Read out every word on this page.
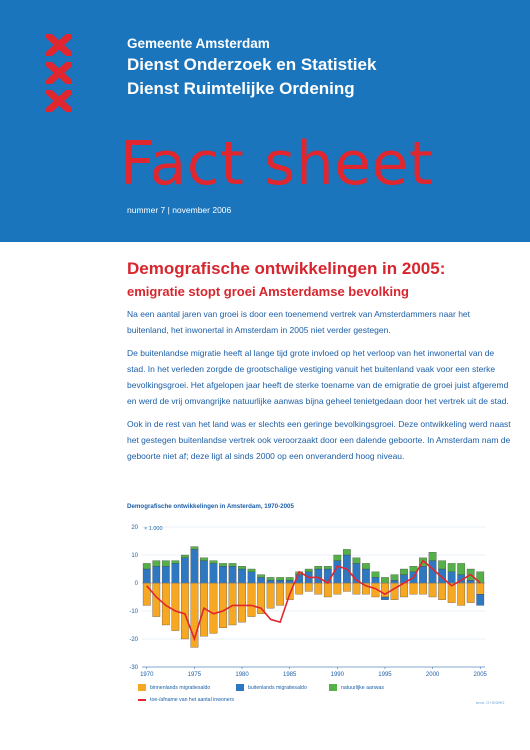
Gemeente Amsterdam
Dienst Onderzoek en Statistiek
Dienst Ruimtelijke Ordening
Fact sheet
nummer 7 | november 2006
Demografische ontwikkelingen in 2005:
emigratie stopt groei Amsterdamse bevolking

Na een aantal jaren van groei is door een toenemend vertrek van Amsterdammers naar het buitenland, het inwonertal in Amsterdam in 2005 niet verder gestegen.

De buitenlandse migratie heeft al lange tijd grote invloed op het verloop van het inwonertal van de stad. In het verleden zorgde de grootschalige vestiging vanuit het buitenland vaak voor een sterke bevolkingsgroei. Het afgelopen jaar heeft de sterke toename van de emigratie de groei juist afgeremd en werd de vrij omvangrijke natuurlijke aanwas bijna geheel tenietgedaan door het vertrek uit de stad.

Ook in de rest van het land was er slechts een geringe bevolkingsgroei. Deze ontwikkeling werd naast het gestegen buitenlandse vertrek ook veroorzaakt door een dalende geboorte. In Amsterdam nam de geboorte niet af; deze ligt al sinds 2000 op een onveranderd hoog niveau.

Demografische ontwikkelingen in Amsterdam, 1970-2005
20
10
0
-10
-20
-30
× 1.000
1970	1975	1980	1985	1990	1995	2000	2005
binnenlands migratiesaldo	buitenlands migratiesaldo	natuurlijke aanwas
toe-/afname van het aantal inwoners	bron: O+S/DRO
